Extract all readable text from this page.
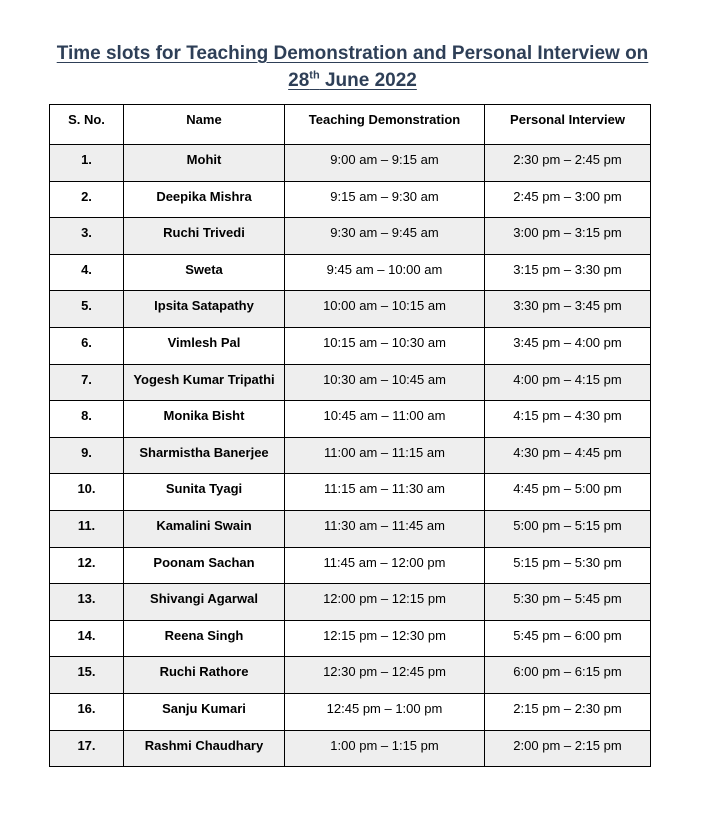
Time slots for Teaching Demonstration and Personal Interview on
28th June 2022
S. No.	Name	Teaching Demonstration	Personal Interview
1.	Mohit	9:00 am – 9:15 am	2:30 pm – 2:45 pm
2.	Deepika Mishra	9:15 am – 9:30 am	2:45 pm – 3:00 pm
3.	Ruchi Trivedi	9:30 am – 9:45 am	3:00 pm – 3:15 pm
4.	Sweta	9:45 am – 10:00 am	3:15 pm – 3:30 pm
5.	Ipsita Satapathy	10:00 am – 10:15 am	3:30 pm – 3:45 pm
6.	Vimlesh Pal	10:15 am – 10:30 am	3:45 pm – 4:00 pm
7.	Yogesh Kumar Tripathi	10:30 am – 10:45 am	4:00 pm – 4:15 pm
8.	Monika Bisht	10:45 am – 11:00 am	4:15 pm – 4:30 pm
9.	Sharmistha Banerjee	11:00 am – 11:15 am	4:30 pm – 4:45 pm
10.	Sunita Tyagi	11:15 am – 11:30 am	4:45 pm – 5:00 pm
11.	Kamalini Swain	11:30 am – 11:45 am	5:00 pm – 5:15 pm
12.	Poonam Sachan	11:45 am – 12:00 pm	5:15 pm – 5:30 pm
13.	Shivangi Agarwal	12:00 pm – 12:15 pm	5:30 pm – 5:45 pm
14.	Reena Singh	12:15 pm – 12:30 pm	5:45 pm – 6:00 pm
15.	Ruchi Rathore	12:30 pm – 12:45 pm	6:00 pm – 6:15 pm
16.	Sanju Kumari	12:45 pm – 1:00 pm	2:15 pm – 2:30 pm
17.	Rashmi Chaudhary	1:00 pm – 1:15 pm	2:00 pm – 2:15 pm
